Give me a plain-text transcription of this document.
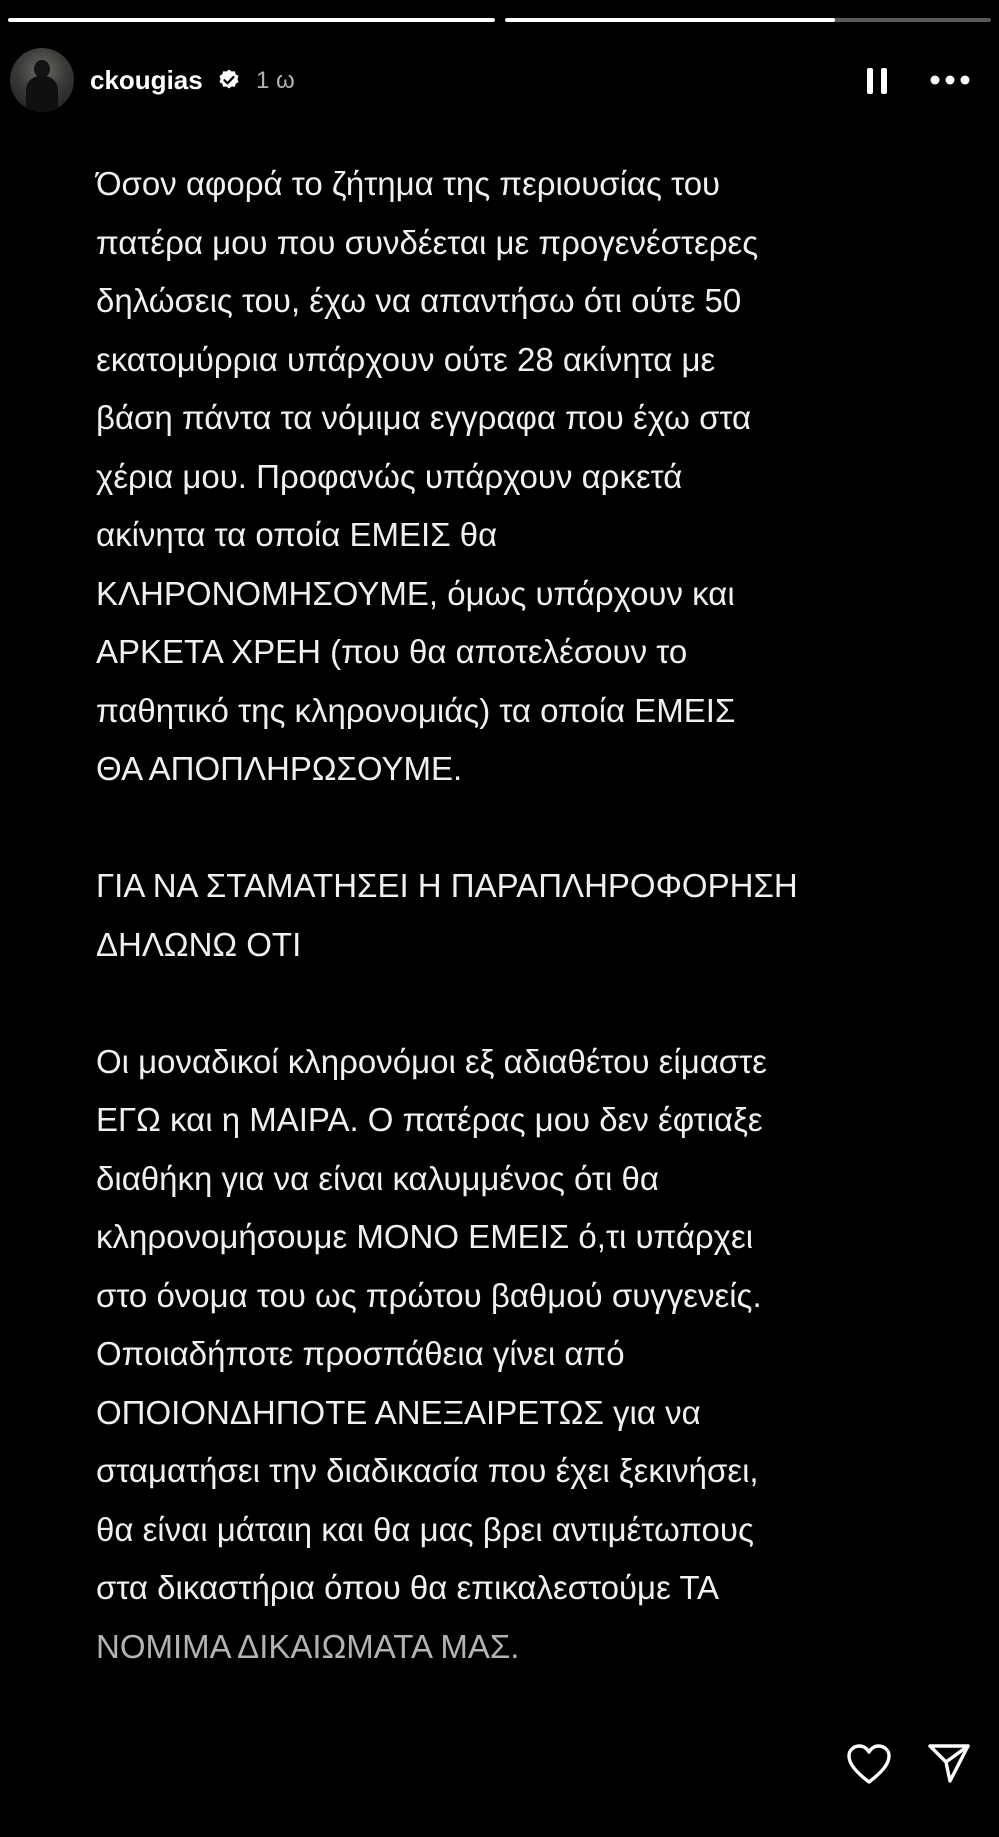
ckougias 1 ω

Όσον αφορά το ζήτημα της περιουσίας του

πατέρα μου που συνδέεται με προγενέστερες

δηλώσεις του, έχω να απαντήσω ότι ούτε 50

εκατομύρρια υπάρχουν ούτε 28 ακίνητα με

βάση πάντα τα νόμιμα εγγραφα που έχω στα

χέρια μου. Προφανώς υπάρχουν αρκετά

ακίνητα τα οποία ΕΜΕΙΣ θα

ΚΛΗΡΟΝΟΜΗΣΟΥΜΕ, όμως υπάρχουν και

ΑΡΚΕΤΑ ΧΡΕΗ (που θα αποτελέσουν το

παθητικό της κληρονομιάς) τα οποία ΕΜΕΙΣ

ΘΑ ΑΠΟΠΛΗΡΩΣΟΥΜΕ.

ΓΙΑ ΝΑ ΣΤΑΜΑΤΗΣΕΙ Η ΠΑΡΑΠΛΗΡΟΦΟΡΗΣΗ

ΔΗΛΩΝΩ ΟΤΙ

Οι μοναδικοί κληρονόμοι εξ αδιαθέτου είμαστε

ΕΓΩ και η ΜΑΙΡΑ. Ο πατέρας μου δεν έφτιαξε

διαθήκη για να είναι καλυμμένος ότι θα

κληρονομήσουμε ΜΟΝΟ ΕΜΕΙΣ ό,τι υπάρχει

στο όνομα του ως πρώτου βαθμού συγγενείς.

Οποιαδήποτε προσπάθεια γίνει από

ΟΠΟΙΟΝΔΗΠΟΤΕ ΑΝΕΞΑΙΡΕΤΩΣ για να

σταματήσει την διαδικασία που έχει ξεκινήσει,

θα είναι μάταιη και θα μας βρει αντιμέτωπους

στα δικαστήρια όπου θα επικαλεστούμε ΤΑ

ΝΟΜΙΜΑ ΔΙΚΑΙΩΜΑΤΑ ΜΑΣ.
